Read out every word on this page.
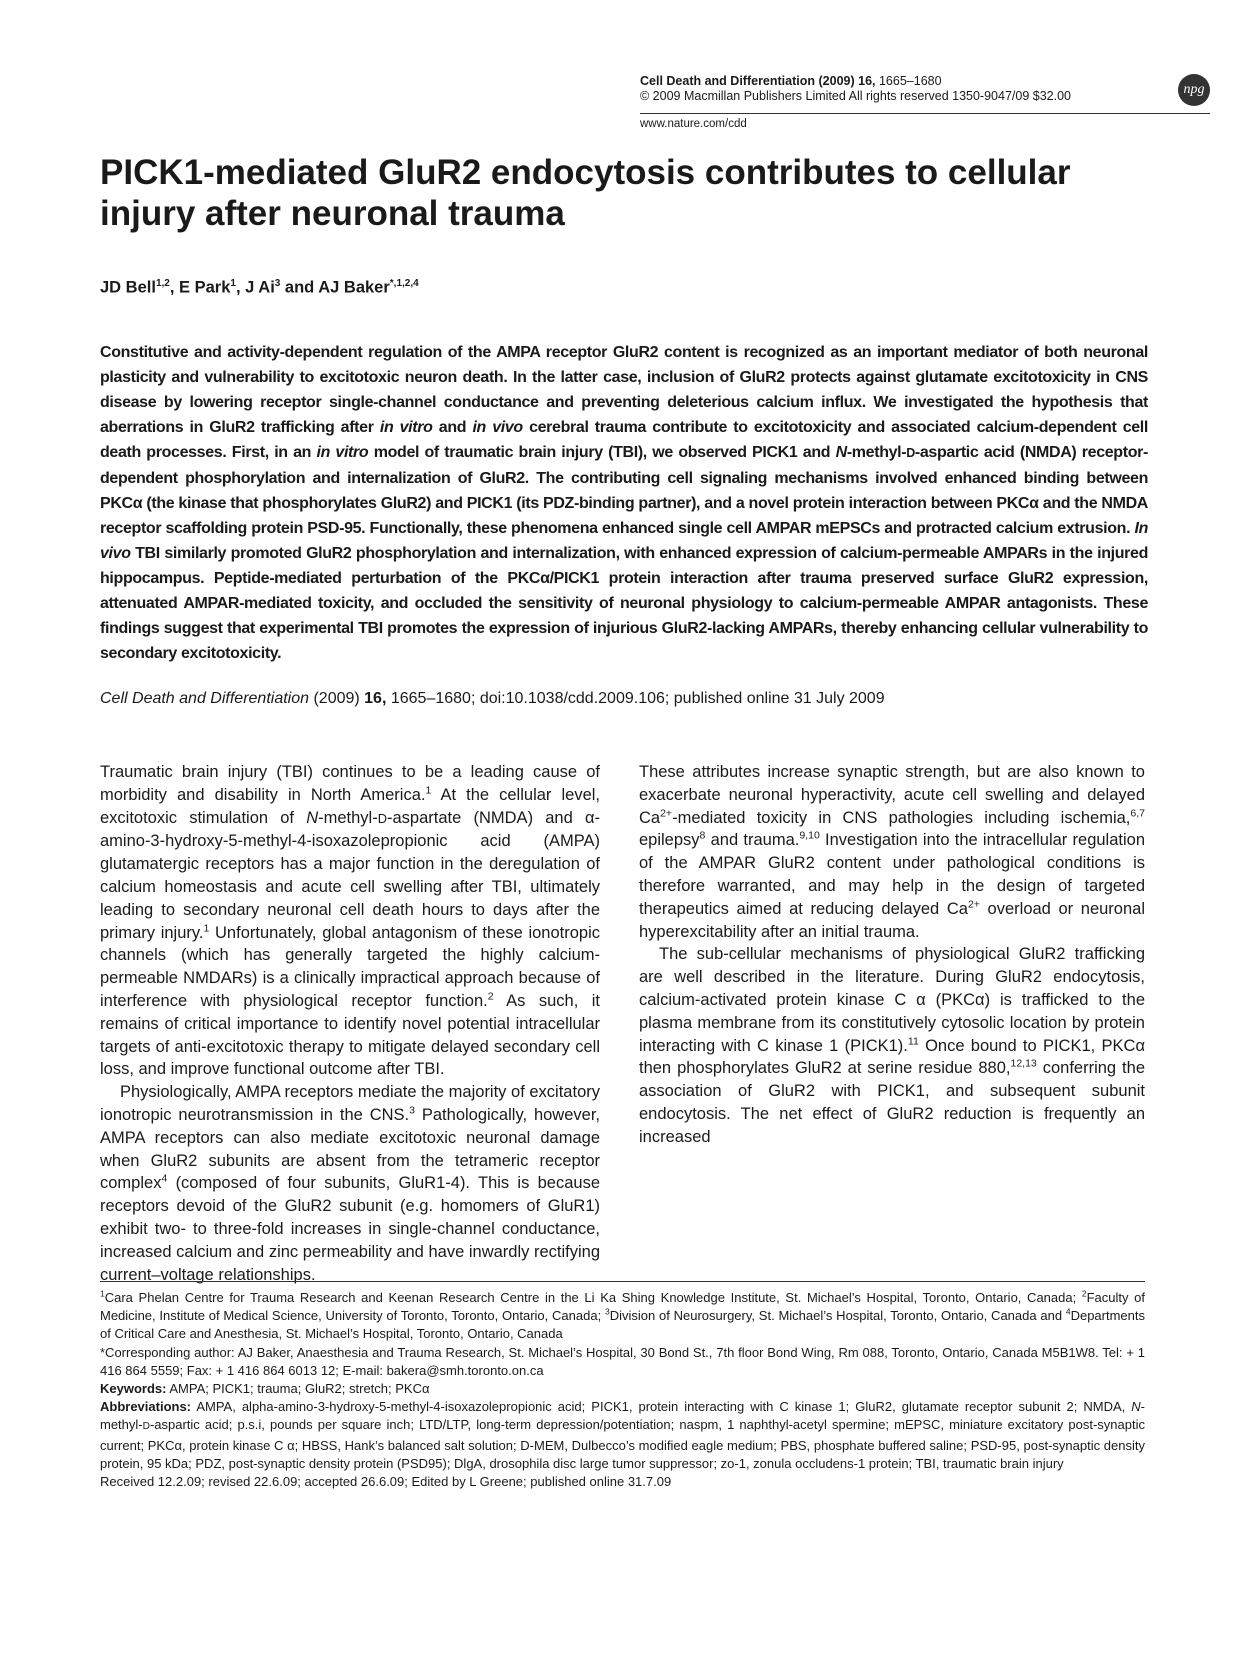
Cell Death and Differentiation (2009) 16, 1665–1680
© 2009 Macmillan Publishers Limited All rights reserved 1350-9047/09 $32.00
www.nature.com/cdd
npg
PICK1-mediated GluR2 endocytosis contributes to cellular injury after neuronal trauma
JD Bell$^{1,2}$, E Park$^1$, J Ai$^3$ and AJ Baker$^{*,1,2,4}$
Constitutive and activity-dependent regulation of the AMPA receptor GluR2 content is recognized as an important mediator of both neuronal plasticity and vulnerability to excitotoxic neuron death. In the latter case, inclusion of GluR2 protects against glutamate excitotoxicity in CNS disease by lowering receptor single-channel conductance and preventing deleterious calcium influx. We investigated the hypothesis that aberrations in GluR2 trafficking after in vitro and in vivo cerebral trauma contribute to excitotoxicity and associated calcium-dependent cell death processes. First, in an in vitro model of traumatic brain injury (TBI), we observed PICK1 and N-methyl-D-aspartic acid (NMDA) receptor-dependent phosphorylation and internalization of GluR2. The contributing cell signaling mechanisms involved enhanced binding between PKCα (the kinase that phosphorylates GluR2) and PICK1 (its PDZ-binding partner), and a novel protein interaction between PKCα and the NMDA receptor scaffolding protein PSD-95. Functionally, these phenomena enhanced single cell AMPAR mEPSCs and protracted calcium extrusion. In vivo TBI similarly promoted GluR2 phosphorylation and internalization, with enhanced expression of calcium-permeable AMPARs in the injured hippocampus. Peptide-mediated perturbation of the PKCα/PICK1 protein interaction after trauma preserved surface GluR2 expression, attenuated AMPAR-mediated toxicity, and occluded the sensitivity of neuronal physiology to calcium-permeable AMPAR antagonists. These findings suggest that experimental TBI promotes the expression of injurious GluR2-lacking AMPARs, thereby enhancing cellular vulnerability to secondary excitotoxicity.
Cell Death and Differentiation (2009) 16, 1665–1680; doi:10.1038/cdd.2009.106; published online 31 July 2009

Traumatic brain injury (TBI) continues to be a leading cause of morbidity and disability in North America.$^1$ At the cellular level, excitotoxic stimulation of N-methyl-D-aspartate (NMDA) and α-amino-3-hydroxy-5-methyl-4-isoxazolepropionic acid (AMPA) glutamatergic receptors has a major function in the deregulation of calcium homeostasis and acute cell swelling after TBI, ultimately leading to secondary neuronal cell death hours to days after the primary injury.$^1$ Unfortunately, global antagonism of these ionotropic channels (which has generally targeted the highly calcium-permeable NMDARs) is a clinically impractical approach because of interference with physiological receptor function.$^2$ As such, it remains of critical importance to identify novel potential intracellular targets of anti-excitotoxic therapy to mitigate delayed secondary cell loss, and improve functional outcome after TBI.

Physiologically, AMPA receptors mediate the majority of excitatory ionotropic neurotransmission in the CNS.$^3$ Pathologically, however, AMPA receptors can also mediate excitotoxic neuronal damage when GluR2 subunits are absent from the tetrameric receptor complex$^4$ (composed of four subunits, GluR1-4). This is because receptors devoid of the GluR2 subunit (e.g. homomers of GluR1) exhibit two- to three-fold increases in single-channel conductance, increased calcium and zinc permeability and have inwardly rectifying current–voltage relationships.

These attributes increase synaptic strength, but are also known to exacerbate neuronal hyperactivity, acute cell swelling and delayed Ca$^{2+}$-mediated toxicity in CNS pathologies including ischemia,$^{6,7}$ epilepsy$^8$ and trauma.$^{9,10}$ Investigation into the intracellular regulation of the AMPAR GluR2 content under pathological conditions is therefore warranted, and may help in the design of targeted therapeutics aimed at reducing delayed Ca$^{2+}$ overload or neuronal hyperexcitability after an initial trauma.

The sub-cellular mechanisms of physiological GluR2 trafficking are well described in the literature. During GluR2 endocytosis, calcium-activated protein kinase C α (PKCα) is trafficked to the plasma membrane from its constitutively cytosolic location by protein interacting with C kinase 1 (PICK1).$^{11}$ Once bound to PICK1, PKCα then phosphorylates GluR2 at serine residue 880,$^{12,13}$ conferring the association of GluR2 with PICK1, and subsequent subunit endocytosis. The net effect of GluR2 reduction is frequently an increased

$^1$Cara Phelan Centre for Trauma Research and Keenan Research Centre in the Li Ka Shing Knowledge Institute, St. Michael’s Hospital, Toronto, Ontario, Canada; $^2$Faculty of Medicine, Institute of Medical Science, University of Toronto, Toronto, Ontario, Canada; $^3$Division of Neurosurgery, St. Michael’s Hospital, Toronto, Ontario, Canada and $^4$Departments of Critical Care and Anesthesia, St. Michael’s Hospital, Toronto, Ontario, Canada

*Corresponding author: AJ Baker, Anaesthesia and Trauma Research, St. Michael’s Hospital, 30 Bond St., 7th floor Bond Wing, Rm 088, Toronto, Ontario, Canada M5B1W8. Tel: + 1 416 864 5559; Fax: + 1 416 864 6013 12; E-mail: bakera@smh.toronto.on.ca

Keywords: AMPA; PICK1; trauma; GluR2; stretch; PKCα

Abbreviations: AMPA, alpha-amino-3-hydroxy-5-methyl-4-isoxazolepropionic acid; PICK1, protein interacting with C kinase 1; GluR2, glutamate receptor subunit 2; NMDA, N-methyl-D-aspartic acid; p.s.i, pounds per square inch; LTD/LTP, long-term depression/potentiation; naspm, 1 naphthyl-acetyl spermine; mEPSC, miniature excitatory post-synaptic current; PKCα, protein kinase C α; HBSS, Hank’s balanced salt solution; D-MEM, Dulbecco’s modified eagle medium; PBS, phosphate buffered saline; PSD-95, post-synaptic density protein, 95 kDa; PDZ, post-synaptic density protein (PSD95); DlgA, drosophila disc large tumor suppressor; zo-1, zonula occludens-1 protein; TBI, traumatic brain injury

Received 12.2.09; revised 22.6.09; accepted 26.6.09; Edited by L Greene; published online 31.7.09
